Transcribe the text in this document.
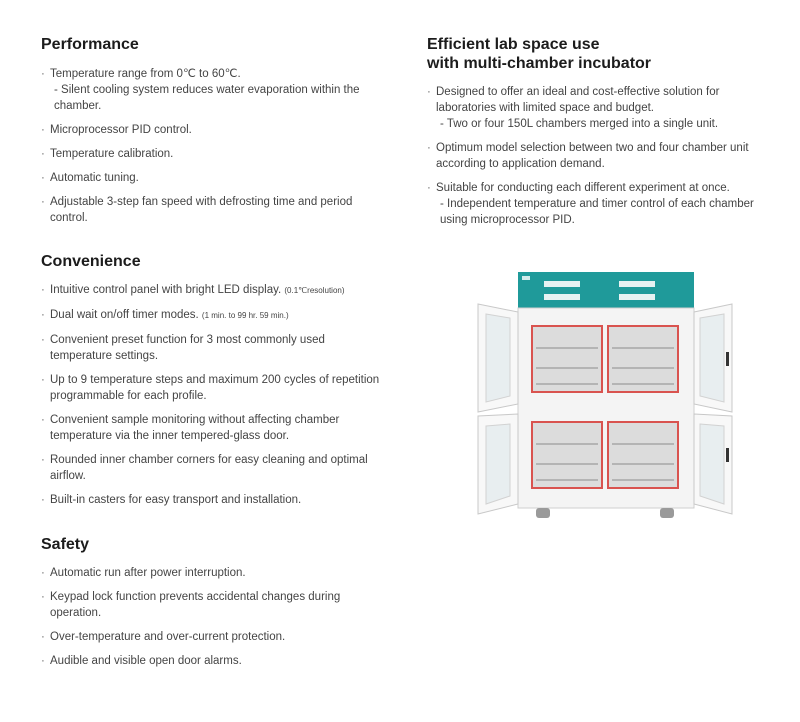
Performance
· Temperature range from 0℃ to 60℃.
- Silent cooling system reduces water evaporation within the chamber.
· Microprocessor PID control.
· Temperature calibration.
· Automatic tuning.
· Adjustable 3-step fan speed with defrosting time and period control.
Convenience
· Intuitive control panel with bright LED display. (0.1℃resolution)
· Dual wait on/off timer modes. (1 min. to 99 hr. 59 min.)
· Convenient preset function for 3 most commonly used temperature settings.
· Up to 9 temperature steps and maximum 200 cycles of repetition programmable for each profile.
· Convenient sample monitoring without affecting chamber temperature via the inner tempered-glass door.
· Rounded inner chamber corners for easy cleaning and optimal airflow.
· Built-in casters for easy transport and installation.
Safety
· Automatic run after power interruption.
· Keypad lock function prevents accidental changes during operation.
· Over-temperature and over-current protection.
· Audible and visible open door alarms.
Efficient lab space use
with multi-chamber incubator
· Designed to offer an ideal and cost-effective solution for laboratories with limited space and budget.
- Two or four 150L chambers merged into a single unit.
· Optimum model selection between two and four chamber unit according to application demand.
· Suitable for conducting each different experiment at once.
- Independent temperature and timer control of each chamber using microprocessor PID.
